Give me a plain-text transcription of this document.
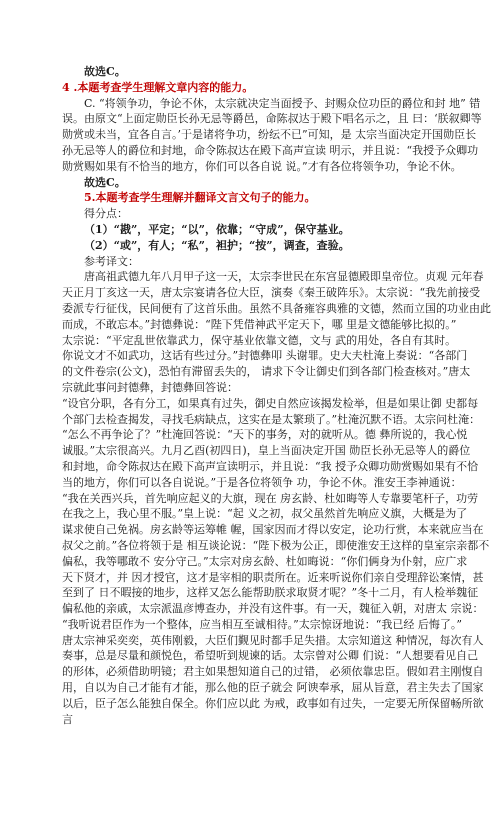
故选C。
4 .本题考查学生理解文章内容的能力。
C. “将领争功，争论不休，太宗就决定当面授予、封赐众位功臣的爵位和封 地” 错
误。由原文“上面定勋臣长孙无忌等爵邑，命陈叔达于殿下唱名示之，且 曰：‘朕叙卿等
勋赏或未当，宜各自言。’于是诸将争功，纷纭不已”可知，是 太宗当面决定开国勋臣长
孙无忌等人的爵位和封地，命令陈叔达在殿下高声宣读 明示，并且说：“我授予众卿功
勋赏赐如果有不恰当的地方，你们可以各自说 说。”才有各位将领争功，争论不休。
故选C。
5.本题考查学生理解并翻译文言文句子的能力。
得分点：
（1）“戡”，平定；“以”，依靠；“守成”，保守基业。
（2）“或”，有人；“私”，袒护；“按”，调查，查验。
参考译文：
唐高祖武德九年八月甲子这一天，太宗李世民在东宫显德殿即皇帝位。贞观 元年春
天正月丁亥这一天，唐太宗宴请各位大臣，演奏《秦王破阵乐》。太宗说：“我先前接受
委派专行征伐，民间便有了这首乐曲。虽然不具备雍容典雅的文德，然而立国的功业由此
而成，不敢忘本。”封德彝说：“陛下凭借神武平定天下，哪 里是文德能够比拟的。”
太宗说：“平定乱世依靠武力，保守基业依靠文德，文与 武的用处，各自有其时。
你说文才不如武功，这话有些过分。”封德彝叩 头谢罪。史大夫杜淹上奏说：“各部门
的文件卷宗(公文)，恐怕有滞留丢失的， 请求下令让御史们到各部门检查核对。”唐太
宗就此事问封德彝，封德彝回答说：
“设官分职，各有分工，如果真有过失，御史自然应该揭发检举，但是如果让御 史都每
个部门去检查揭发，寻找毛病缺点，这实在是太繁琐了。”杜淹沉默不语。太宗问杜淹：
“怎么不再争论了？”杜淹回答说：“天下的事务，对的就听从。德 彝所说的，我心悦
诚服。”太宗很高兴。九月乙酉(初四日)，皇上当面决定开国 勋臣长孙无忌等人的爵位
和封地，命令陈叔达在殿下高声宣读明示，并且说：“我 授予众卿功勋赏赐如果有不恰
当的地方，你们可以各自说说。”于是各位将领争 功，争论不休。淮安王李神通说：
“我在关西兴兵，首先响应起义的大旗，现在 房玄龄、杜如晦等人专靠要笔杆子，功劳
在我之上，我心里不服。”皇上说：“起 义之初，叔父虽然首先响应义旗，大概是为了
谋求使自己免祸。房玄龄等运筹帷 幄，国家因而才得以安定，论功行赏，本来就应当在
叔父之前。”各位将领于是 相互谈论说：“陛下极为公正，即使淮安王这样的皇室宗亲都不
偏私，我等哪敢不 安分守己。”太宗对房玄龄、杜如晦说：“你们俩身为仆射，应广求
天下贤才，并 因才授官，这才是宰相的职责所在。近来听说你们亲自受理辞讼案情，甚
至到了 日不暇接的地步，这样又怎么能帮助朕求取贤才呢？”冬十二月，有人检举魏征
偏私他的亲戚，太宗派温彦博查办，并没有这件事。有一天，魏征入朝，对唐太 宗说：
“我听说君臣作为一个整体，应当相互至诚相待。”太宗惊讶地说：“我已经 后悔了。”
唐太宗神采奕奕，英伟刚毅，大臣们觐见时都手足失措。太宗知道这 种情况，每次有人
奏事，总是尽量和颜悦色，希望听到规谏的话。太宗曾对公卿 们说：“人想要看见自己
的形体，必须借助明镜；君主如果想知道自己的过错， 必须依靠忠臣。假如君主刚愎自
用，自以为自己才能有才能，那么他的臣子就会 阿谀奉承，屈从旨意，君主失去了国家
以后，臣子怎么能独自保全。你们应以此 为戒，政事如有过失，一定要无所保留畅所欲
言
